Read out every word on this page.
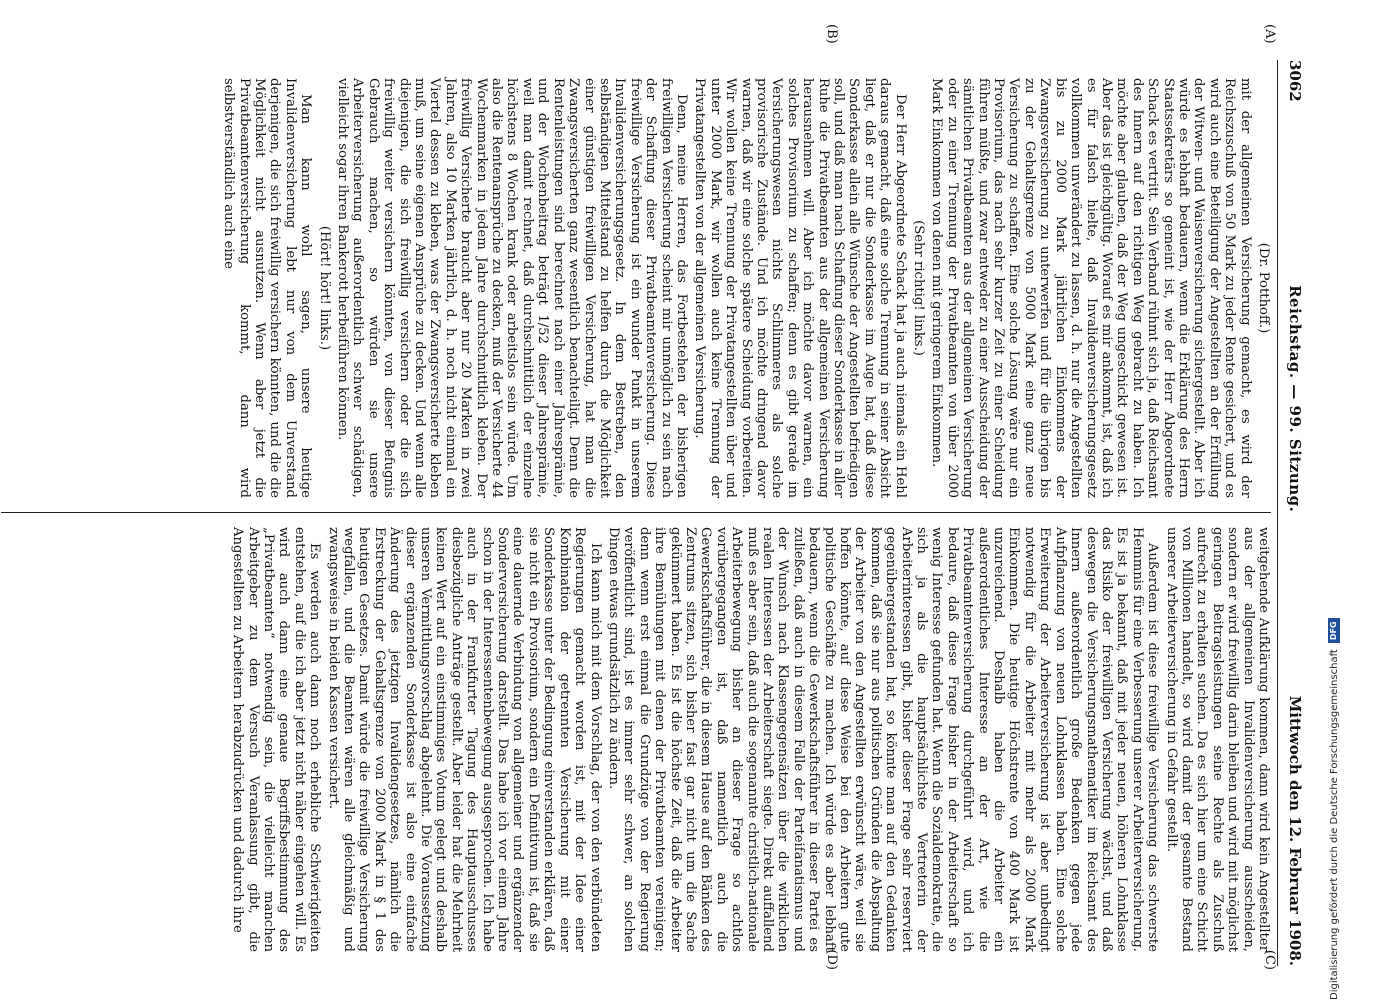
3062
Reichstag. — 99. Sitzung.
Mittwoch den 12. Februar 1908.
(A)
(B)

(Dr. Potthoff.)

mit der allgemeinen Versicherung gemacht, es wird der Reichszuschuß von 50 Mark zu jeder Rente gesichert, und es wird auch eine Beteiligung der Angestellten an der Erfüllung der Witwen- und Waisenversicherung sichergestellt. Aber ich würde es lebhaft bedauern, wenn die Erklärung des Herrn Staatssekretärs so gemeint ist, wie der Herr Abgeordnete Schack es vertritt. Sein Verband rühmt sich ja, daß Reichsamt des Innern auf den richtigen Weg gebracht zu haben. Ich möchte aber glauben, daß der Weg ungeschickt gewesen ist. Aber das ist gleichgültig. Worauf es mir ankommt, ist, daß ich es für falsch hielte, daß Invalidenversicherungsgesetz vollkommen unverändert zu lassen, d. h. nur die Angestellten bis zu 2000 Mark jährlichen Einkommens der Zwangsversicherung zu unterwerfen und für die übrigen bis zu der Gehaltsgrenze von 5000 Mark eine ganz neue Versicherung zu schaffen. Eine solche Lösung wäre nur ein Provisorium, das nach sehr kurzer Zeit zu einer Scheidung führen müßte, und zwar entweder zu einer Ausscheidung der sämtlichen Privatbeamten aus der allgemeinen Versicherung oder zu einer Trennung der Privatbeamten von über 2000 Mark Einkommen von denen mit geringerem Einkommen.

(Sehr richtig! links.)

Der Herr Abgeordnete Schack hat ja auch niemals ein Hehl daraus gemacht, daß eine solche Trennung in seiner Absicht liegt, daß er nur die Sonderkasse im Auge hat, daß diese Sonderkasse allein alle Wünsche der Angestellten befriedigen soll, und daß man nach Schaffung dieser Sonderkasse in aller Ruhe die Privatbeamten aus der allgemeinen Versicherung herausnehmen will. Aber ich möchte davor warnen, ein solches Provisorium zu schaffen; denn es gibt gerade im Versicherungswesen nichts Schlimmeres als solche provisorische Zustände. Und ich möchte dringend davor warnen, daß wir eine solche spätere Scheidung vorbereiten. Wir wollen keine Trennung der Privatangestellten über und unter 2000 Mark, wir wollen auch keine Trennung der Privatangestellten von der allgemeinen Versicherung.

Denn, meine Herren, das Fortbestehen der bisherigen freiwilligen Versicherung scheint mir unmöglich zu sein nach der Schaffung dieser Privatbeamtenversicherung. Diese freiwillige Versicherung ist ein wunder Punkt in unserem Invalidenversicherungsgesetz. In dem Bestreben, den selbständigen Mittelstand zu helfen durch die Möglichkeit einer günstigen freiwilligen Versicherung, hat man die Zwangsversicherten ganz wesentlich benachteiligt. Denn die Rentenleistungen sind berechnet nach einer Jahresprämie, und der Wochenbeitrag beträgt 1/52 dieser Jahresprämie, weil man damit rechnet, daß durchschnittlich der einzelne höchstens 8 Wochen krank oder arbeitslos sein würde. Um also die Rentenansprüche zu decken, muß der Versicherte 44 Wochenmarken in jedem Jahre durchschnittlich kleben. Der freiwillig Versicherte braucht aber nur 20 Marken in zwei Jahren, also 10 Marken jährlich, d. h. noch nicht einmal ein Viertel dessen zu kleben, was der Zwangsversicherte kleben muß, um seine eigenen Ansprüche zu decken. Und wenn alle diejenigen, die sich freiwillig versichern oder die sich freiwillig weiter versichern könnten, von dieser Befugnis Gebrauch machen, so würden sie unsere Arbeiterversicherung außerordentlich schwer schädigen, vielleicht sogar ihren Bankerott herbeiführen können.

(Hört! hört! links.)

Man kann wohl sagen, unsere heutige Invalidenversicherung lebt nur von dem Unverstand derjenigen, die sich freiwillig versichern könnten, und die die Möglichkeit nicht ausnutzen. Wenn aber jetzt die Privatbeamtenversicherung kommt, dann wird selbstverständlich auch eine

(C)
(D)

weitgehende Aufklärung kommen, dann wird kein Angestellter aus der allgemeinen Invalidenversicherung ausscheiden, sondern er wird freiwillig darin bleiben und wird mit möglichst geringen Beitragsleistungen seine Rechte als Zuschuß aufrecht zu erhalten suchen. Da es sich hier um eine Schicht von Millionen handelt, so wird damit der gesamte Bestand unserer Arbeiterversicherung in Gefahr gestellt.

Außerdem ist diese freiwillige Versicherung das schwerste Hemmnis für eine Verbesserung unserer Arbeiterversicherung. Es ist ja bekannt, daß mit jeder neuen, höheren Lohnklasse das Risiko der freiwilligen Versicherung wächst, und daß deswegen die Versicherungsmathematiker im Reichsamt des Innern außerordentlich große Bedenken gegen jede Aufpflanzung von neuen Lohnklassen haben. Eine solche Erweiterung der Arbeiterversicherung ist aber unbedingt notwendig für die Arbeiter mit mehr als 2000 Mark Einkommen. Die heutige Höchstrente von 400 Mark ist unzureichend. Deshalb haben die Arbeiter ein außerordentliches Interesse an der Art, wie die Privatbeamtenversicherung durchgeführt wird, und ich bedaure, daß diese Frage bisher in der Arbeiterschaft so wenig Interesse gefunden hat. Wenn die Sozialdemokratie, die sich ja als die hauptsächlichste Vertreterin der Arbeiterinteressen gibt, bisher dieser Frage sehr reserviert gegenübergestanden hat, so könnte man auf den Gedanken kommen, daß sie nur aus politischen Gründen die Abspaltung der Arbeiter von den Angestellten erwünscht wäre, weil sie hoffen könnte, auf diese Weise bei den Arbeitern gute politische Geschäfte zu machen. Ich würde es aber lebhaft bedauern, wenn die Gewerkschaftsführer in dieser Partei es zuließen, daß auch in diesem Falle der Parteifanatismus und der Wunsch nach Klassengegensätzen über die wirklichen realen Interessen der Arbeiterschaft siegte. Direkt auffallend muß es aber sein, daß auch die sogenannte christlich-nationale Arbeiterbewegung bisher an dieser Frage so achtlos vorübergegangen ist, daß namentlich auch die Gewerkschaftsführer, die in diesem Hause auf den Bänken des Zentrums sitzen, sich bisher fast gar nicht um die Sache gekümmert haben. Es ist die höchste Zeit, daß die Arbeiter ihre Bemühungen mit denen der Privatbeamten vereinigen; denn wenn erst einmal die Grundzüge von der Regierung veröffentlicht sind, ist es immer sehr schwer, an solchen Dingen etwas grundsätzlich zu ändern.

Ich kann mich mit dem Vorschlag, der von den verbündeten Regierungen gemacht worden ist, mit der Idee einer Kombination der getrennten Versicherung mit einer Sonderkasse unter der Bedingung einverstanden erklären, daß sie nicht ein Provisorium, sondern ein Definitivum ist, daß sie eine dauernde Verbindung von allgemeiner und ergänzender Sonderversicherung darstellt. Das habe ich vor einem Jahre schon in der Interessentenbewegung ausgesprochen. Ich habe auch in der Frankfurter Tagung des Hauptausschusses diesbezügliche Anträge gestellt. Aber leider hat die Mehrheit keinen Wert auf ein einstimmiges Votum gelegt und deshalb unseren Vermittlungsvorschlag abgelehnt. Die Voraussetzung dieser ergänzenden Sonderkasse ist also eine einfache Änderung des jetzigen Invalidengesetzes, nämlich die Erstreckung der Gehaltsgrenze von 2000 Mark in § 1 des heutigen Gesetzes. Damit würde die freiwillige Versicherung wegfallen, und die Beamten wären alle gleichmäßig und zwangsweise in beiden Kassen versichert.

Es werden auch dann noch erhebliche Schwierigkeiten entstehen, auf die ich aber jetzt nicht näher eingehen will. Es wird auch dann eine genaue Begriffsbestimmung des „Privatbeamten“ notwendig sein, die vielleicht manchen Arbeitgeber zu dem Versuch Veranlassung gibt, die Angestellten zu Arbeitern herabzudrücken und dadurch ihre	Digitalisierung gefördert durch die Deutsche Forschungsgemeinschaft
DFG
